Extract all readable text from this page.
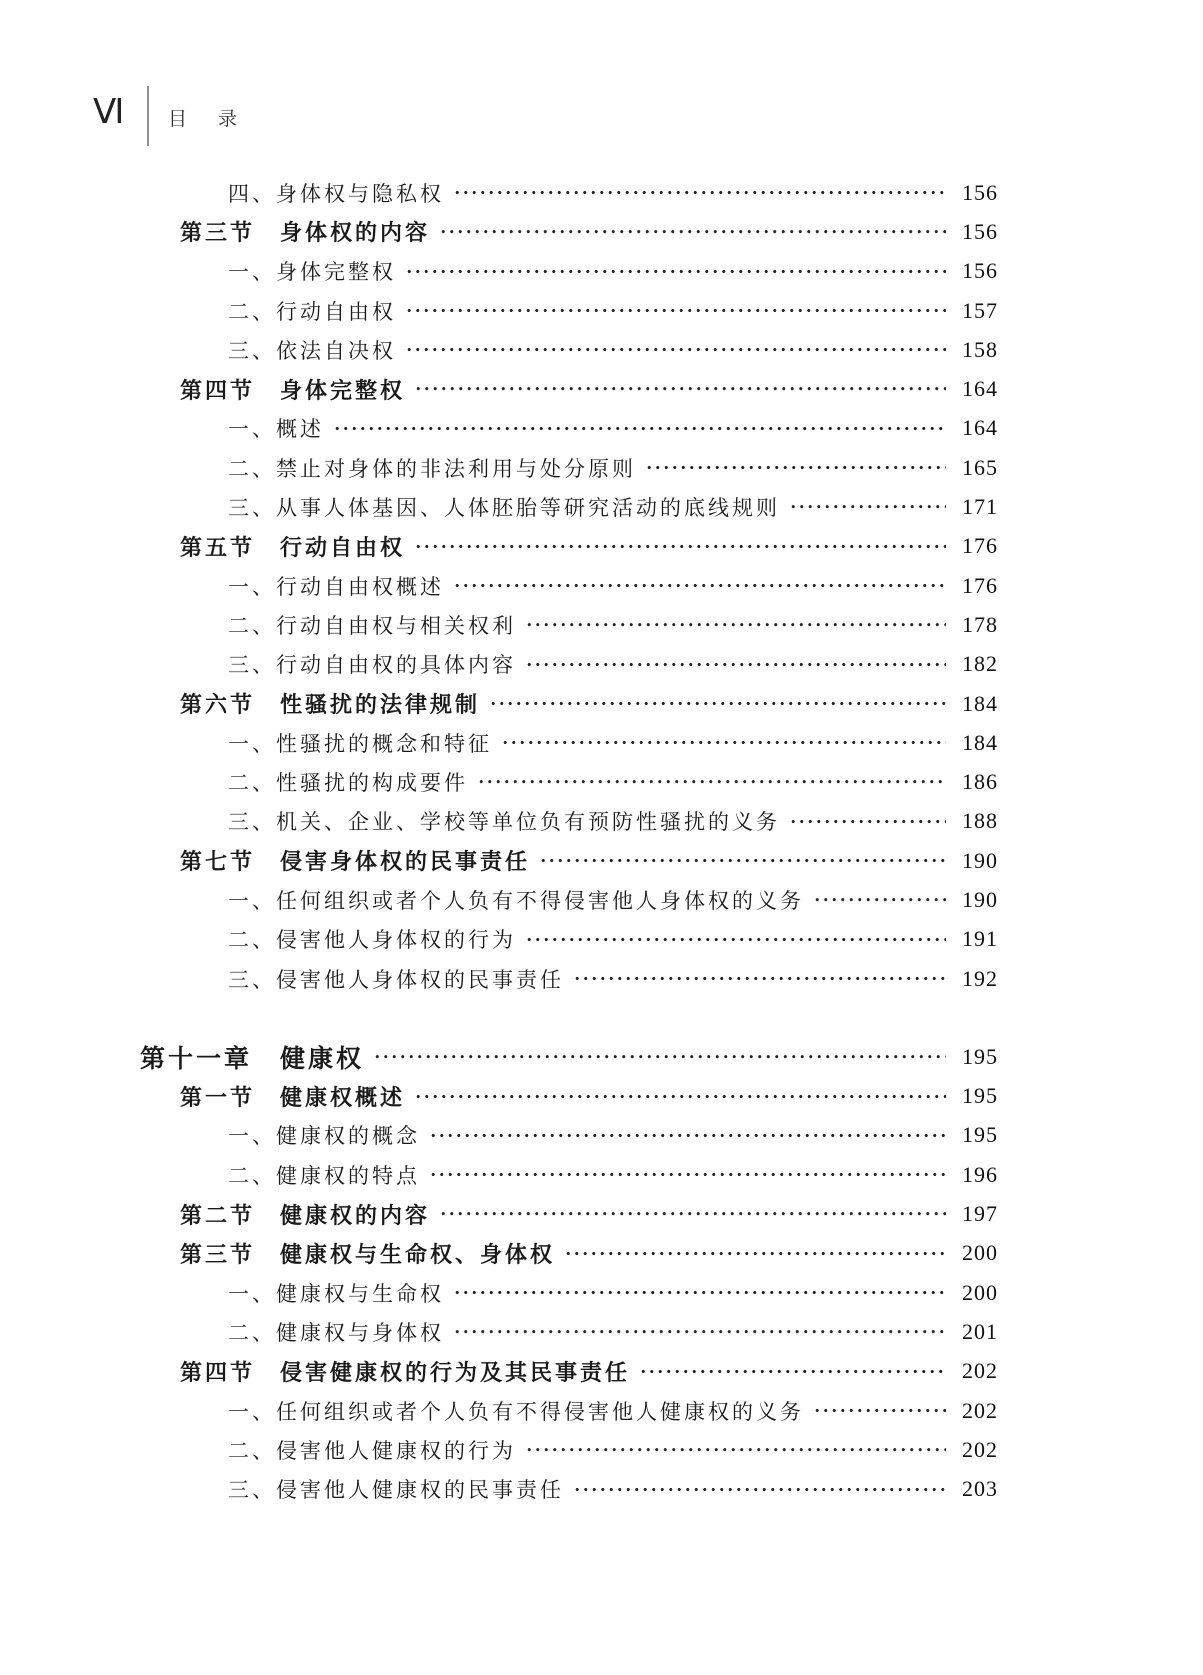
Ⅵ 目　录
四、身体权与隐私权	156
第三节　身体权的内容	156
一、身体完整权	156
二、行动自由权	157
三、依法自决权	158
第四节　身体完整权	164
一、概述	164
二、禁止对身体的非法利用与处分原则	165
三、从事人体基因、人体胚胎等研究活动的底线规则	171
第五节　行动自由权	176
一、行动自由权概述	176
二、行动自由权与相关权利	178
三、行动自由权的具体内容	182
第六节　性骚扰的法律规制	184
一、性骚扰的概念和特征	184
二、性骚扰的构成要件	186
三、机关、企业、学校等单位负有预防性骚扰的义务	188
第七节　侵害身体权的民事责任	190
一、任何组织或者个人负有不得侵害他人身体权的义务	190
二、侵害他人身体权的行为	191
三、侵害他人身体权的民事责任	192
第十一章　健康权	195
第一节　健康权概述	195
一、健康权的概念	195
二、健康权的特点	196
第二节　健康权的内容	197
第三节　健康权与生命权、身体权	200
一、健康权与生命权	200
二、健康权与身体权	201
第四节　侵害健康权的行为及其民事责任	202
一、任何组织或者个人负有不得侵害他人健康权的义务	202
二、侵害他人健康权的行为	202
三、侵害他人健康权的民事责任	203
